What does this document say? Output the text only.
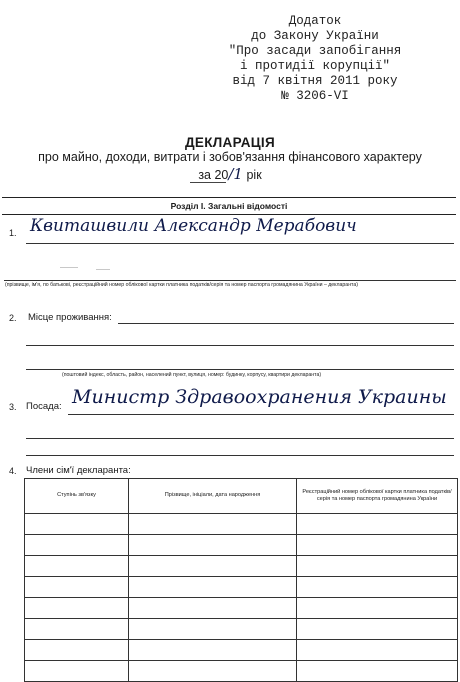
Додаток
до Закону України
"Про засади запобігання
і протидії корупції"
від 7 квітня 2011 року
№ 3206-VI
ДЕКЛАРАЦІЯ
про майно, доходи, витрати і зобов'язання фінансового характеру
за 20/1 рік
Розділ І. Загальні відомості
1. Квиташвили Александр Мерабович
(прізвище, ім'я, по батькові, реєстраційний номер облікової картки платника податків/серія та номер паспорта громадянина України – декларанта)
2. Місце проживання:
(поштовий індекс, область, район, населений пункт, вулиця, номер: будинку, корпусу, квартири декларанта)
3. Посада: Министр Здравоохранения Украины
4. Члени сім'ї декларанта:
Ступінь зв'язку	Прізвище, ініціали, дата народження	Реєстраційний номер облікової картки платника податків/ серія та номер паспорта громадянина України
